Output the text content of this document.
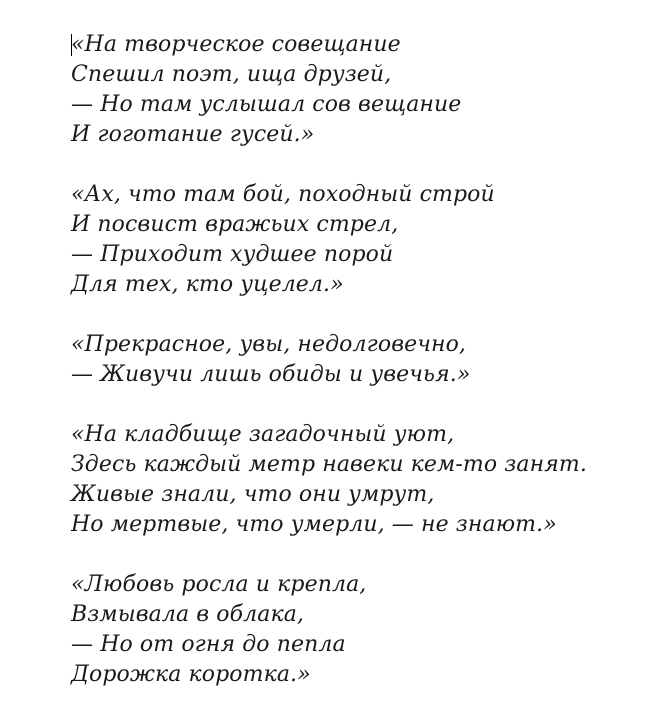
«На творческое совещание
Спешил поэт, ища друзей,
— Но там услышал сов вещание
И гоготание гусей.»
«Ах, что там бой, походный строй
И посвист вражьих стрел,
— Приходит худшее порой
Для тех, кто уцелел.»
«Прекрасное, увы, недолговечно,
— Живучи лишь обиды и увечья.»
«На кладбище загадочный уют,
Здесь каждый метр навеки кем-то занят.
Живые знали, что они умрут,
Но мертвые, что умерли, — не знают.»
«Любовь росла и крепла,
Взмывала в облака,
— Но от огня до пепла
Дорожка коротка.»
